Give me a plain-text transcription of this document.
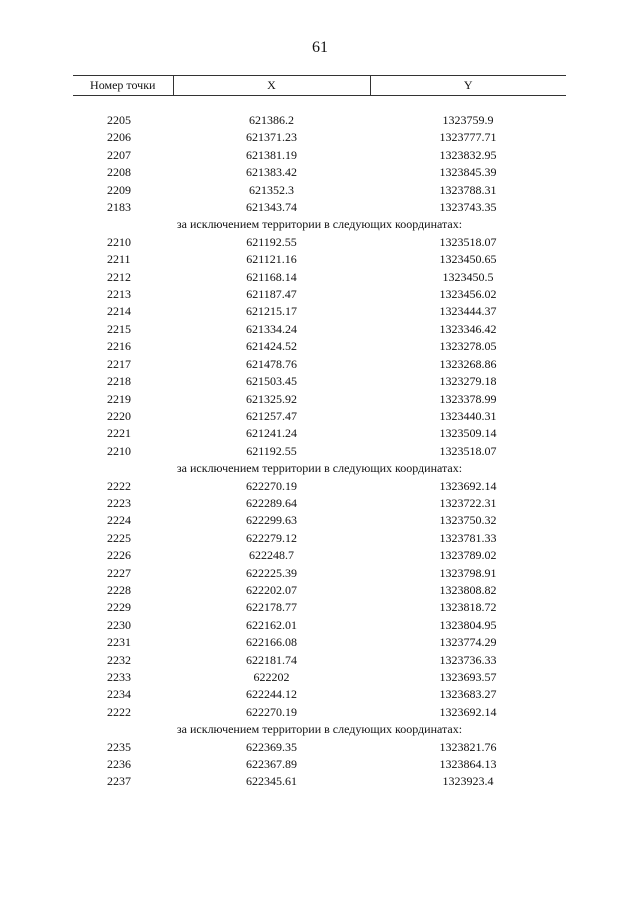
61
Номер точки	X	Y

2205	621386.2	1323759.9
2206	621371.23	1323777.71
2207	621381.19	1323832.95
2208	621383.42	1323845.39
2209	621352.3	1323788.31
2183	621343.74	1323743.35
за исключением территории в следующих координатах:		
2210	621192.55	1323518.07
2211	621121.16	1323450.65
2212	621168.14	1323450.5
2213	621187.47	1323456.02
2214	621215.17	1323444.37
2215	621334.24	1323346.42
2216	621424.52	1323278.05
2217	621478.76	1323268.86
2218	621503.45	1323279.18
2219	621325.92	1323378.99
2220	621257.47	1323440.31
2221	621241.24	1323509.14
2210	621192.55	1323518.07
за исключением территории в следующих координатах:		
2222	622270.19	1323692.14
2223	622289.64	1323722.31
2224	622299.63	1323750.32
2225	622279.12	1323781.33
2226	622248.7	1323789.02
2227	622225.39	1323798.91
2228	622202.07	1323808.82
2229	622178.77	1323818.72
2230	622162.01	1323804.95
2231	622166.08	1323774.29
2232	622181.74	1323736.33
2233	622202	1323693.57
2234	622244.12	1323683.27
2222	622270.19	1323692.14
за исключением территории в следующих координатах:		
2235	622369.35	1323821.76
2236	622367.89	1323864.13
2237	622345.61	1323923.4
